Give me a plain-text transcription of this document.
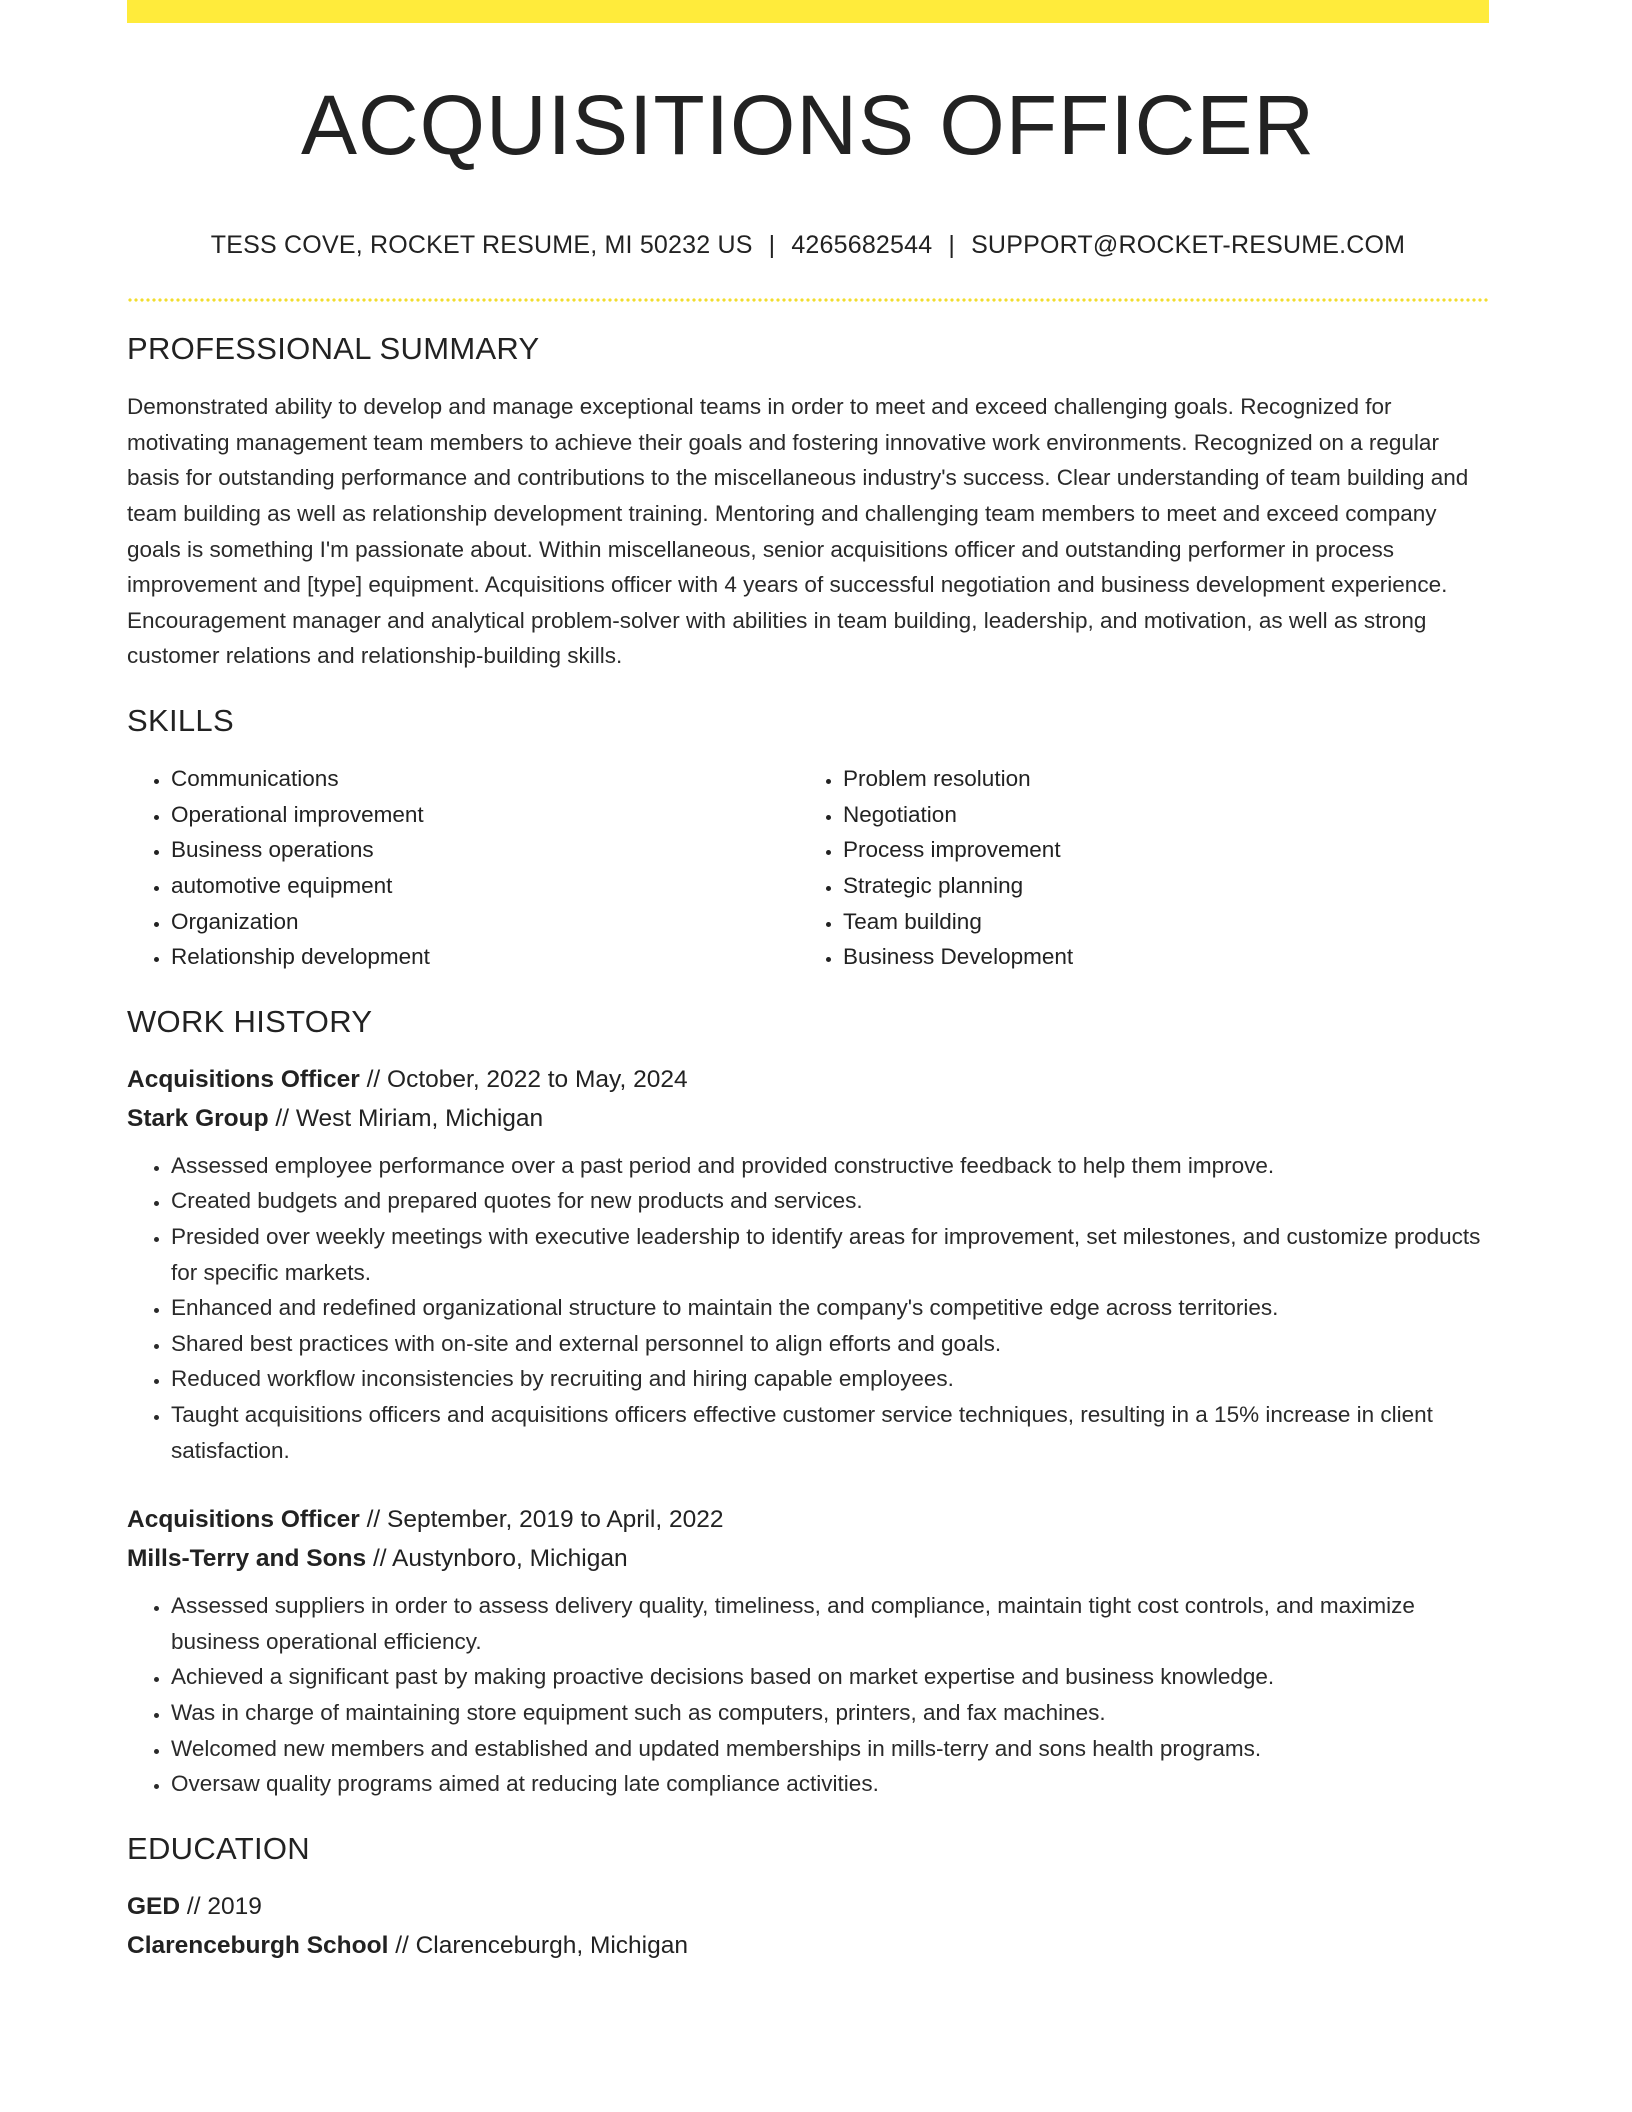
ACQUISITIONS OFFICER
TESS COVE, ROCKET RESUME, MI 50232 US | 4265682544 | SUPPORT@ROCKET-RESUME.COM
PROFESSIONAL SUMMARY

Demonstrated ability to develop and manage exceptional teams in order to meet and exceed challenging goals. Recognized for motivating management team members to achieve their goals and fostering innovative work environments. Recognized on a regular basis for outstanding performance and contributions to the miscellaneous industry's success. Clear understanding of team building and team building as well as relationship development training. Mentoring and challenging team members to meet and exceed company goals is something I'm passionate about. Within miscellaneous, senior acquisitions officer and outstanding performer in process improvement and [type] equipment. Acquisitions officer with 4 years of successful negotiation and business development experience. Encouragement manager and analytical problem-solver with abilities in team building, leadership, and motivation, as well as strong customer relations and relationship-building skills.

SKILLS
• Communications
• Operational improvement
• Business operations
• automotive equipment
• Organization
• Relationship development
• Problem resolution
• Negotiation
• Process improvement
• Strategic planning
• Team building
• Business Development
WORK HISTORY
Acquisitions Officer // October, 2022 to May, 2024
Stark Group // West Miriam, Michigan
• Assessed employee performance over a past period and provided constructive feedback to help them improve.
• Created budgets and prepared quotes for new products and services.
• Presided over weekly meetings with executive leadership to identify areas for improvement, set milestones, and customize products for specific markets.
• Enhanced and redefined organizational structure to maintain the company's competitive edge across territories.
• Shared best practices with on-site and external personnel to align efforts and goals.
• Reduced workflow inconsistencies by recruiting and hiring capable employees.
• Taught acquisitions officers and acquisitions officers effective customer service techniques, resulting in a 15% increase in client satisfaction.
Acquisitions Officer // September, 2019 to April, 2022
Mills-Terry and Sons // Austynboro, Michigan
• Assessed suppliers in order to assess delivery quality, timeliness, and compliance, maintain tight cost controls, and maximize business operational efficiency.
• Achieved a significant past by making proactive decisions based on market expertise and business knowledge.
• Was in charge of maintaining store equipment such as computers, printers, and fax machines.
• Welcomed new members and established and updated memberships in mills-terry and sons health programs.
• Oversaw quality programs aimed at reducing late compliance activities.
EDUCATION
GED // 2019
Clarenceburgh School // Clarenceburgh, Michigan
